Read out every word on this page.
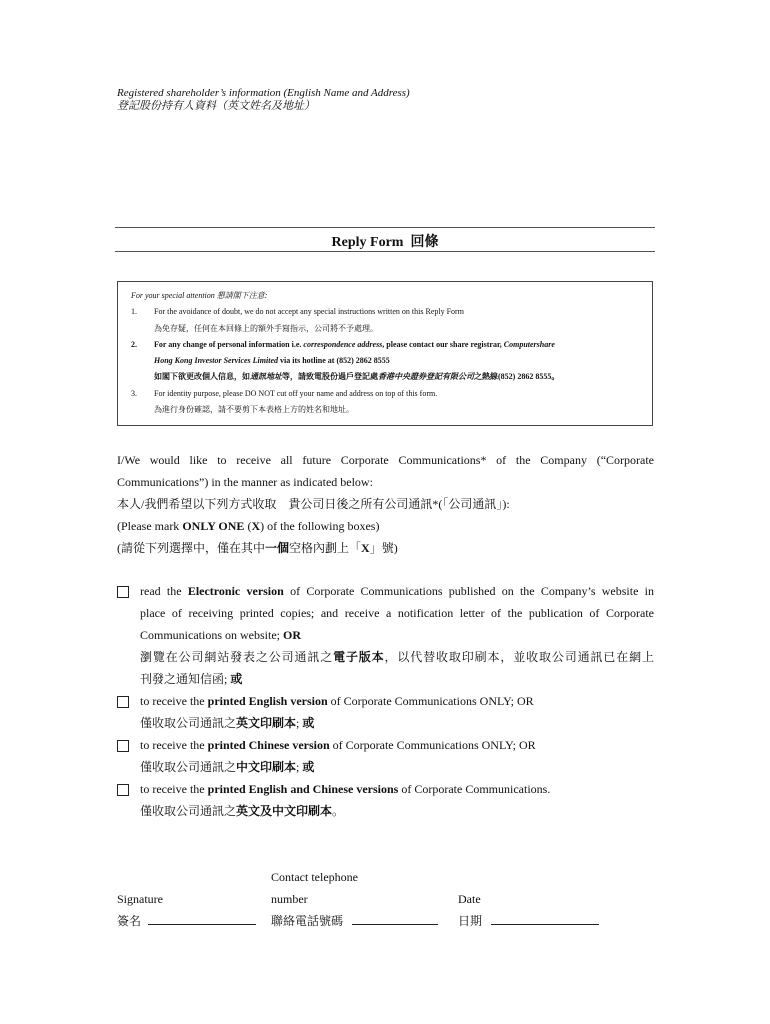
Registered shareholder’s information (English Name and Address)
登記股份持有人資料（英文姓名及地址）
Reply Form  回條
For your special attention 懇請閣下注意:
1.	For the avoidance of doubt, we do not accept any special instructions written on this Reply Form
為免存疑，任何在本回條上的額外手寫指示，公司將不予處理。
2.	For any change of personal information i.e. correspondence address, please contact our share registrar, Computershare
Hong Kong Investor Services Limited via its hotline at (852) 2862 8555
如閣下欲更改個人信息，如通訊地址等，請致電股份過戶登記處香港中央證券登記有限公司之熱線(852) 2862 8555。
3.	For identity purpose, please DO NOT cut off your name and address on top of this form.
為進行身份確認，請不要剪下本表格上方的姓名和地址。
I/We would like to receive all future Corporate Communications* of the Company (“Corporate
Communications”) in the manner as indicated below:
本人/我們希望以下列方式收取　貴公司日後之所有公司通訊*(「公司通訊」):
(Please mark ONLY ONE (X) of the following boxes)
(請從下列選擇中，僅在其中一個空格內劃上「X」號)
read the Electronic version of Corporate Communications published on the Company’s website in
place of receiving printed copies; and receive a notification letter of the publication of Corporate
Communications on website; OR
瀏覽在公司網站發表之公司通訊之電子版本，以代替收取印刷本，並收取公司通訊已在網上
刊發之通知信函; 或
to receive the printed English version of Corporate Communications ONLY; OR
僅收取公司通訊之英文印刷本; 或
to receive the printed Chinese version of Corporate Communications ONLY; OR
僅收取公司通訊之中文印刷本; 或
to receive the printed English and Chinese versions of Corporate Communications.
僅收取公司通訊之英文及中文印刷本。
Signature
簽名
Contact telephone
number
聯絡電話號碼
Date
日期
